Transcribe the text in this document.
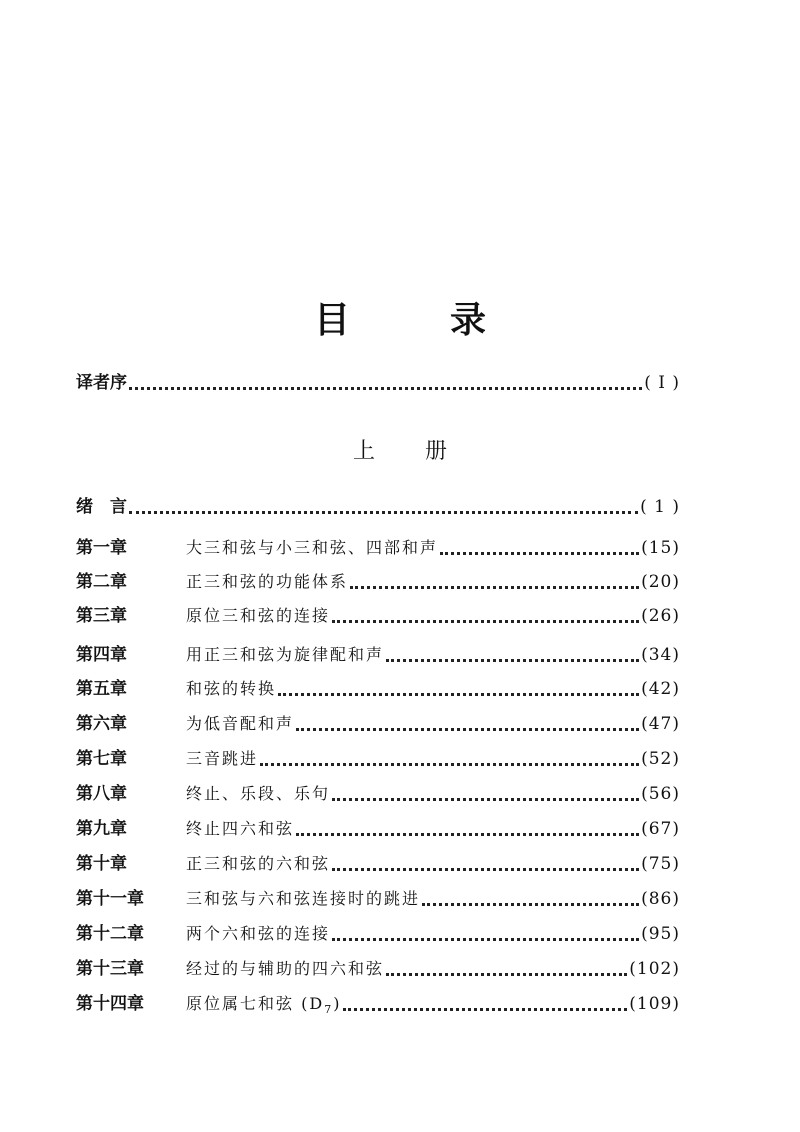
目	录
译者序	( I )
上 册
绪　言	( 1 )
第一章	大三和弦与小三和弦、四部和声	(15)
第二章	正三和弦的功能体系	(20)
第三章	原位三和弦的连接	(26)
第四章	用正三和弦为旋律配和声	(34)
第五章	和弦的转换	(42)
第六章	为低音配和声	(47)
第七章	三音跳进	(52)
第八章	终止、乐段、乐句	(56)
第九章	终止四六和弦	(67)
第十章	正三和弦的六和弦	(75)
第十一章	三和弦与六和弦连接时的跳进	(86)
第十二章	两个六和弦的连接	(95)
第十三章	经过的与辅助的四六和弦	(102)
第十四章	原位属七和弦 $(D_7)$	(109)
